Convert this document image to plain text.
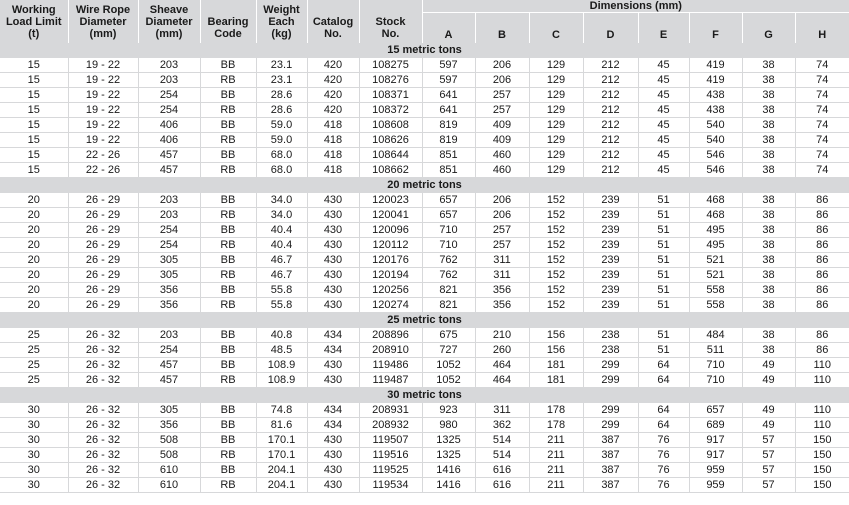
Working
Load Limit
(t)	Wire Rope
Diameter
(mm)	Sheave
Diameter
(mm)	Bearing
Code	Weight
Each
(kg)	Catalog
No.	Stock
No.	Dimensions (mm)							
							A	B	C	D	E	F	G	H
15 metric tons														
15	19 - 22	203	BB	23.1	420	108275	597	206	129	212	45	419	38	74
15	19 - 22	203	RB	23.1	420	108276	597	206	129	212	45	419	38	74
15	19 - 22	254	BB	28.6	420	108371	641	257	129	212	45	438	38	74
15	19 - 22	254	RB	28.6	420	108372	641	257	129	212	45	438	38	74
15	19 - 22	406	BB	59.0	418	108608	819	409	129	212	45	540	38	74
15	19 - 22	406	RB	59.0	418	108626	819	409	129	212	45	540	38	74
15	22 - 26	457	BB	68.0	418	108644	851	460	129	212	45	546	38	74
15	22 - 26	457	RB	68.0	418	108662	851	460	129	212	45	546	38	74
20 metric tons														
20	26 - 29	203	BB	34.0	430	120023	657	206	152	239	51	468	38	86
20	26 - 29	203	RB	34.0	430	120041	657	206	152	239	51	468	38	86
20	26 - 29	254	BB	40.4	430	120096	710	257	152	239	51	495	38	86
20	26 - 29	254	RB	40.4	430	120112	710	257	152	239	51	495	38	86
20	26 - 29	305	BB	46.7	430	120176	762	311	152	239	51	521	38	86
20	26 - 29	305	RB	46.7	430	120194	762	311	152	239	51	521	38	86
20	26 - 29	356	BB	55.8	430	120256	821	356	152	239	51	558	38	86
20	26 - 29	356	RB	55.8	430	120274	821	356	152	239	51	558	38	86
25 metric tons														
25	26 - 32	203	BB	40.8	434	208896	675	210	156	238	51	484	38	86
25	26 - 32	254	BB	48.5	434	208910	727	260	156	238	51	511	38	86
25	26 - 32	457	BB	108.9	430	119486	1052	464	181	299	64	710	49	110
25	26 - 32	457	RB	108.9	430	119487	1052	464	181	299	64	710	49	110
30 metric tons														
30	26 - 32	305	BB	74.8	434	208931	923	311	178	299	64	657	49	110
30	26 - 32	356	BB	81.6	434	208932	980	362	178	299	64	689	49	110
30	26 - 32	508	BB	170.1	430	119507	1325	514	211	387	76	917	57	150
30	26 - 32	508	RB	170.1	430	119516	1325	514	211	387	76	917	57	150
30	26 - 32	610	BB	204.1	430	119525	1416	616	211	387	76	959	57	150
30	26 - 32	610	RB	204.1	430	119534	1416	616	211	387	76	959	57	150
